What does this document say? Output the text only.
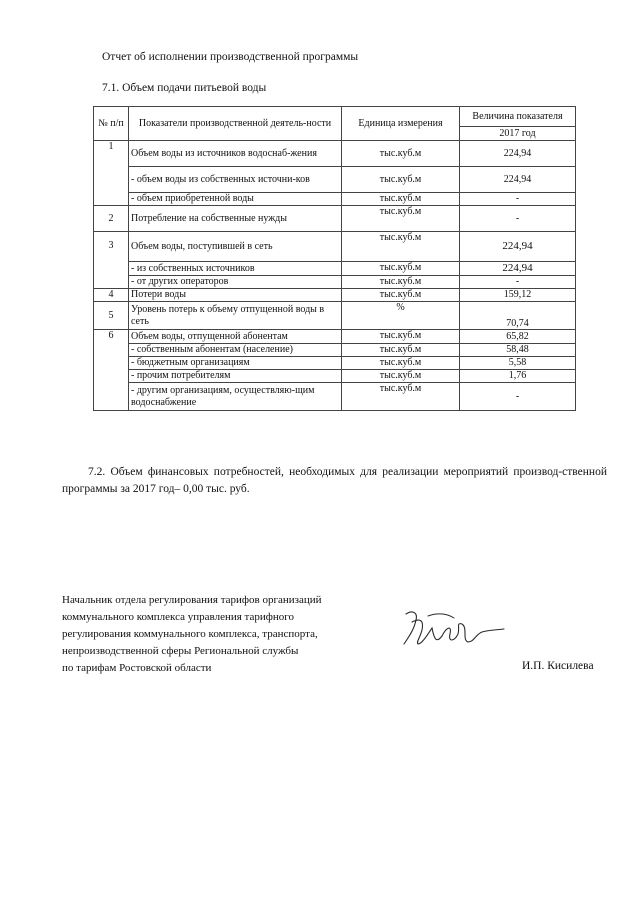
Отчет об исполнении производственной программы
7.1. Объем подачи питьевой воды
№ п/п	Показатели производственной деятель-ности	Единица измерения	Величина показателя
			2017 год
1	Объем воды из источников водоснаб-жения	тыс.куб.м	224,94
	- объем воды из собственных источни-ков	тыс.куб.м	224,94
	- объем приобретенной воды	тыс.куб.м	-
2	Потребление на собственные нужды	тыс.куб.м	-
3	Объем воды, поступившей в сеть	тыс.куб.м	224,94
	- из собственных источников	тыс.куб.м	224,94
	- от других операторов	тыс.куб.м	-
4	Потери воды	тыс.куб.м	159,12
5	Уровень потерь к объему отпущенной воды в сеть	%	70,74
6	Объем воды, отпущенной абонентам	тыс.куб.м	65,82
	- собственным абонентам (население)	тыс.куб.м	58,48
	- бюджетным организациям	тыс.куб.м	5,58
	- прочим потребителям	тыс.куб.м	1,76
	- другим организациям, осуществляю-щим водоснабжение	тыс.куб.м	-

7.2. Объем финансовых потребностей, необходимых для реализации мероприятий производ-ственной программы за 2017 год– 0,00 тыс. руб.

Начальник отдела регулирования тарифов организаций
коммунального комплекса управления тарифного
регулирования коммунального комплекса, транспорта,
непроизводственной сферы Региональной службы
по тарифам Ростовской области	И.П. Кисилева
